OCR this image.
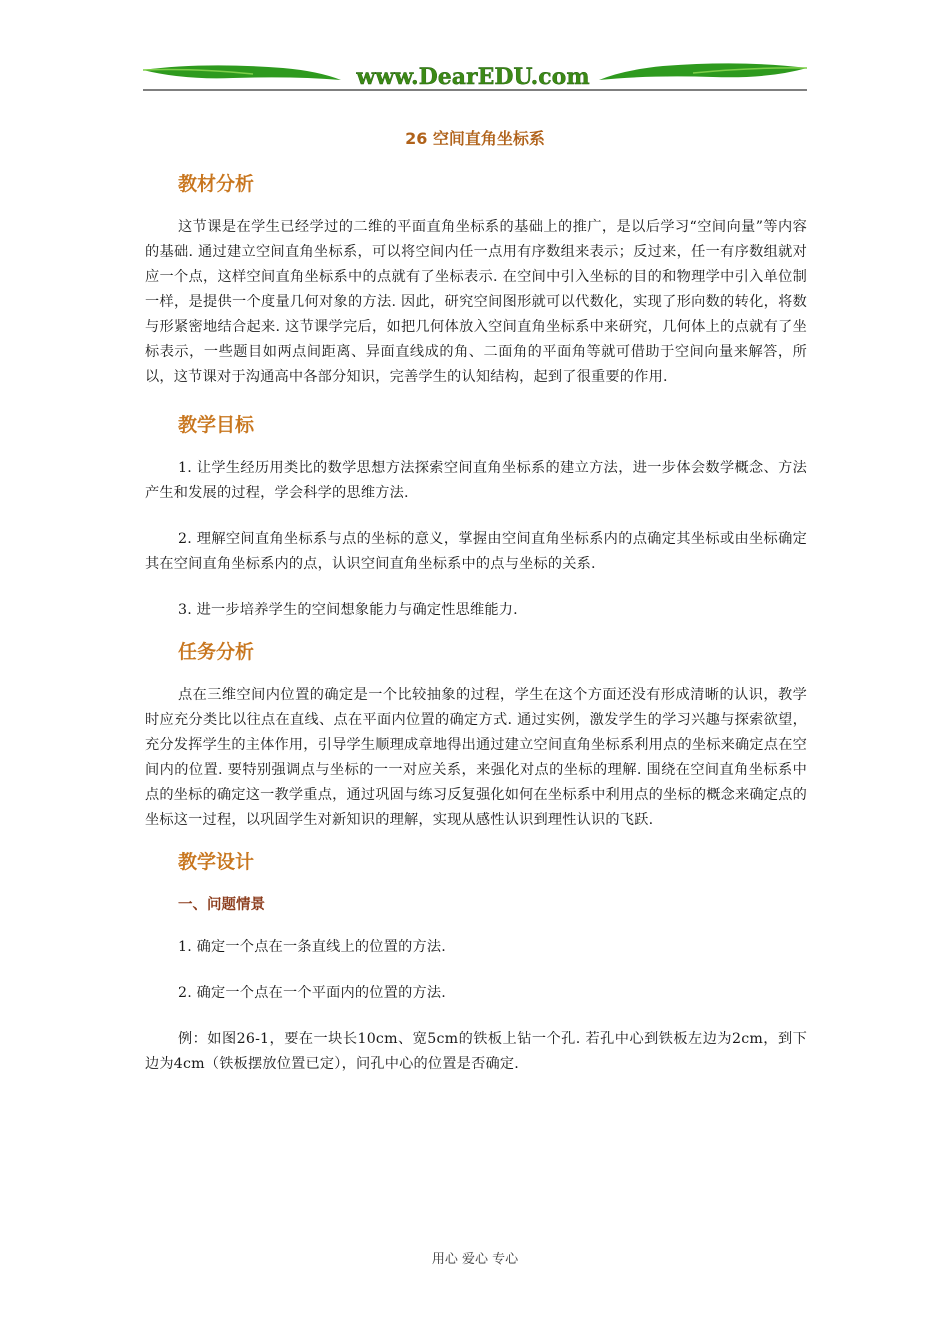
www.DearEDU.com
26 空间直角坐标系
教材分析

这节课是在学生已经学过的二维的平面直角坐标系的基础上的推广，是以后学习“空间向量”等内容的基础. 通过建立空间直角坐标系，可以将空间内任一点用有序数组来表示；反过来，任一有序数组就对应一个点，这样空间直角坐标系中的点就有了坐标表示. 在空间中引入坐标的目的和物理学中引入单位制一样，是提供一个度量几何对象的方法. 因此，研究空间图形就可以代数化，实现了形向数的转化，将数与形紧密地结合起来. 这节课学完后，如把几何体放入空间直角坐标系中来研究，几何体上的点就有了坐标表示，一些题目如两点间距离、异面直线成的角、二面角的平面角等就可借助于空间向量来解答，所以，这节课对于沟通高中各部分知识，完善学生的认知结构，起到了很重要的作用.

教学目标

1. 让学生经历用类比的数学思想方法探索空间直角坐标系的建立方法，进一步体会数学概念、方法产生和发展的过程，学会科学的思维方法.

2. 理解空间直角坐标系与点的坐标的意义，掌握由空间直角坐标系内的点确定其坐标或由坐标确定其在空间直角坐标系内的点，认识空间直角坐标系中的点与坐标的关系.

3. 进一步培养学生的空间想象能力与确定性思维能力.

任务分析

点在三维空间内位置的确定是一个比较抽象的过程，学生在这个方面还没有形成清晰的认识，教学时应充分类比以往点在直线、点在平面内位置的确定方式. 通过实例，激发学生的学习兴趣与探索欲望，充分发挥学生的主体作用，引导学生顺理成章地得出通过建立空间直角坐标系利用点的坐标来确定点在空间内的位置. 要特别强调点与坐标的一一对应关系，来强化对点的坐标的理解. 围绕在空间直角坐标系中点的坐标的确定这一教学重点，通过巩固与练习反复强化如何在坐标系中利用点的坐标的概念来确定点的坐标这一过程，以巩固学生对新知识的理解，实现从感性认识到理性认识的飞跃.

教学设计
一、问题情景

1. 确定一个点在一条直线上的位置的方法.

2. 确定一个点在一个平面内的位置的方法.

例：如图26-1，要在一块长10cm、宽5cm的铁板上钻一个孔. 若孔中心到铁板左边为2cm，到下边为4cm（铁板摆放位置已定），问孔中心的位置是否确定.

用心 爱心 专心
